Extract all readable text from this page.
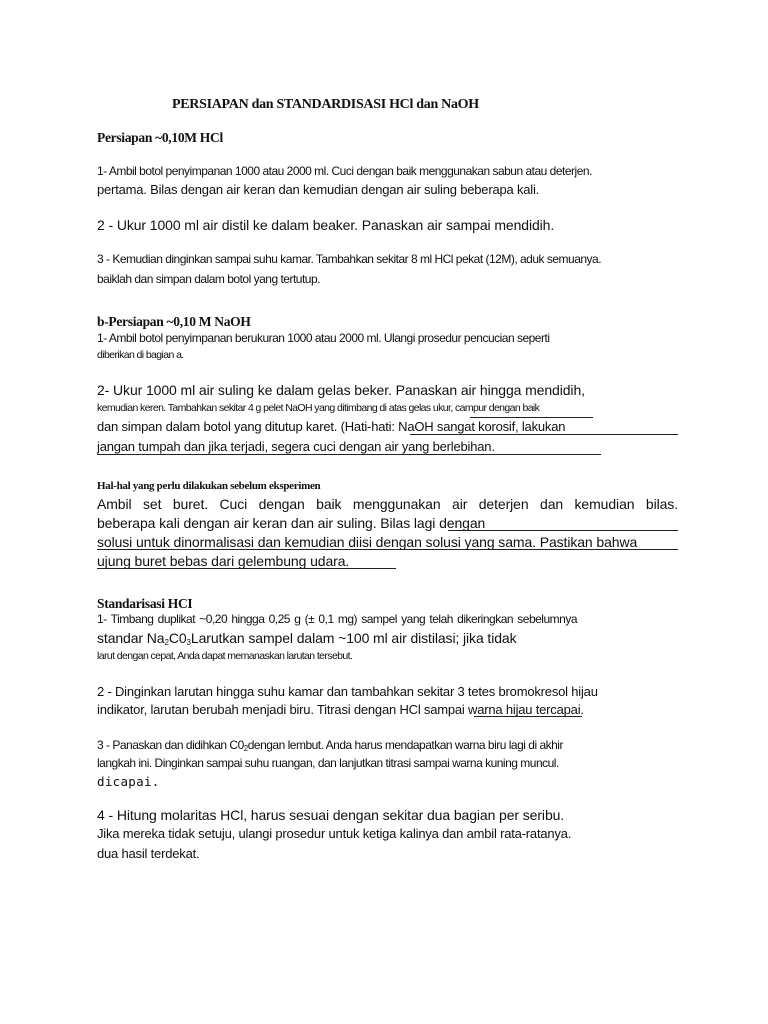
PERSIAPAN dan STANDARDISASI HCl dan NaOH
Persiapan ~0,10M HCl
1- Ambil botol penyimpanan 1000 atau 2000 ml. Cuci dengan baik menggunakan sabun atau deterjen.
pertama. Bilas dengan air keran dan kemudian dengan air suling beberapa kali.
2 - Ukur 1000 ml air distil ke dalam beaker. Panaskan air sampai mendidih.
3 - Kemudian dinginkan sampai suhu kamar. Tambahkan sekitar 8 ml HCl pekat (12M), aduk semuanya.
baiklah dan simpan dalam botol yang tertutup.
b-Persiapan ~0,10 M NaOH
1- Ambil botol penyimpanan berukuran 1000 atau 2000 ml. Ulangi prosedur pencucian seperti
diberikan di bagian a.
2- Ukur 1000 ml air suling ke dalam gelas beker. Panaskan air hingga mendidih,
kemudian keren. Tambahkan sekitar 4 g pelet NaOH yang ditimbang di atas gelas ukur, campur dengan baik
dan simpan dalam botol yang ditutup karet. (Hati-hati: NaOH sangat korosif, lakukan
jangan tumpah dan jika terjadi, segera cuci dengan air yang berlebihan.
Hal-hal yang perlu dilakukan sebelum eksperimen
Ambil set buret. Cuci dengan baik menggunakan air deterjen dan kemudian bilas.
beberapa kali dengan air keran dan air suling. Bilas lagi dengan
solusi untuk dinormalisasi dan kemudian diisi dengan solusi yang sama. Pastikan bahwa
ujung buret bebas dari gelembung udara.
Standarisasi HCI
1- Timbang duplikat ~0,20 hingga 0,25 g (± 0,1 mg) sampel yang telah dikeringkan sebelumnya
standar $Na_2C0_3Larutkan$ sampel dalam ~100 ml air distilasi; jika tidak
larut dengan cepat, Anda dapat memanaskan larutan tersebut.
2 - Dinginkan larutan hingga suhu kamar dan tambahkan sekitar 3 tetes bromokresol hijau
indikator, larutan berubah menjadi biru. Titrasi dengan HCl sampai warna hijau tercapai.
3 - Panaskan dan didihkan $C0_2dengan$ lembut. Anda harus mendapatkan warna biru lagi di akhir
langkah ini. Dinginkan sampai suhu ruangan, dan lanjutkan titrasi sampai warna kuning muncul.
dicapai.
4 - Hitung molaritas HCl, harus sesuai dengan sekitar dua bagian per seribu.
Jika mereka tidak setuju, ulangi prosedur untuk ketiga kalinya dan ambil rata-ratanya.
dua hasil terdekat.
